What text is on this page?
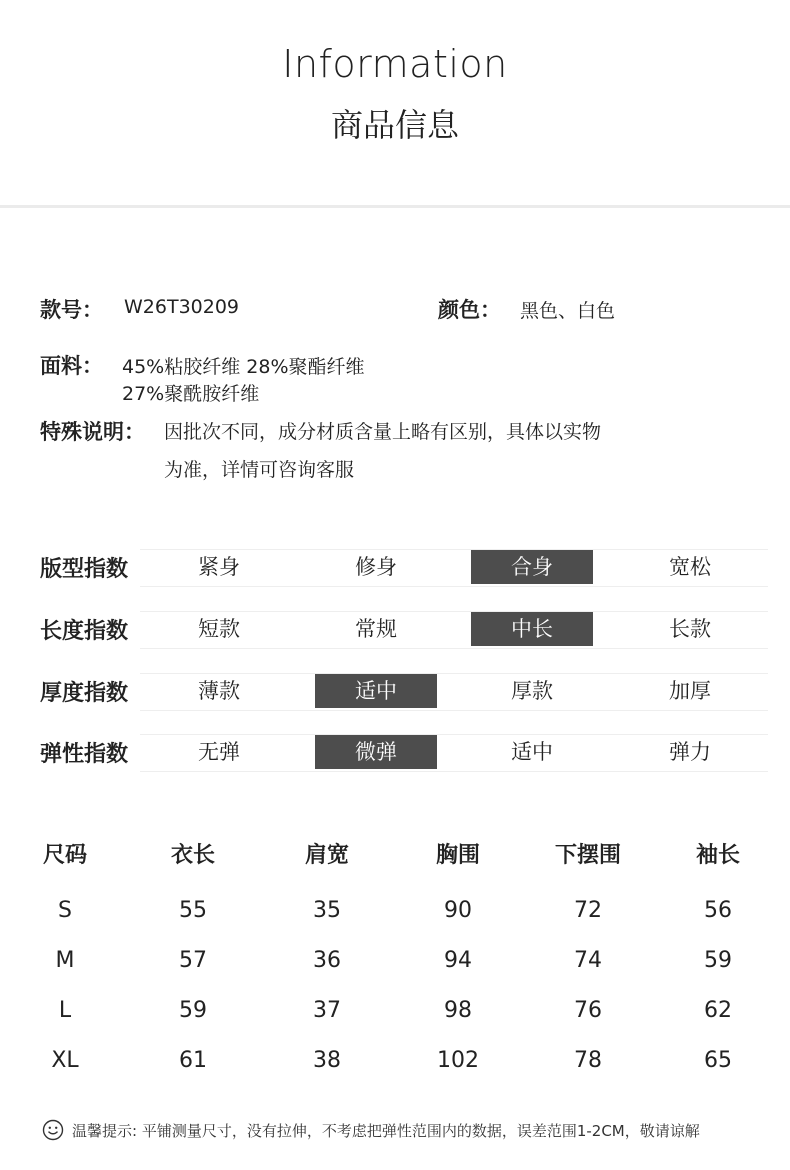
Information
商品信息
款号： W26T30209	颜色： 黑色、白色
面料： 45%粘胶纤维 28%聚酯纤维
27%聚酰胺纤维
特殊说明： 因批次不同，成分材质含量上略有区别，具体以实物
为准，详情可咨询客服
版型指数	紧身	修身	合身	宽松
长度指数	短款	常规	中长	长款
厚度指数	薄款	适中	厚款	加厚
弹性指数	无弹	微弹	适中	弹力
尺码	衣长	肩宽	胸围	下摆围	袖长
S	55	35	90	72	56
M	57	36	94	74	59
L	59	37	98	76	62
XL	61	38	102	78	65
温馨提示: 平铺测量尺寸，没有拉伸，不考虑把弹性范围内的数据，误差范围1-2CM，敬请谅解
